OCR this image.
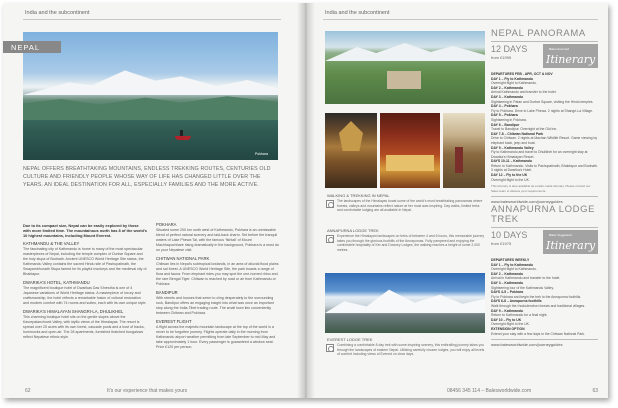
India and the subcontinent
Pokhara
NEPAL
NEPAL OFFERS BREATHTAKING MOUNTAINS, ENDLESS TREKKING ROUTES, CENTURIES OLD CULTURE AND FRIENDLY PEOPLE WHOSE WAY OF LIFE HAS CHANGED LITTLE OVER THE YEARS. AN IDEAL DESTINATION FOR ALL, ESPECIALLY FAMILIES AND THE MORE ACTIVE.

Due to its compact size, Nepal can be easily explored by those with more limited time. The mountainous north has 8 of the world's 10 highest mountains, including Mount Everest.

KATHMANDU & THE VALLEY

The fascinating city of Kathmandu is home to many of the most spectacular masterpieces of Nepal, including the temple complex of Durbar Square and the holy stupa of Bodnath. Ancient UNESCO World Heritage Site status, the Kathmandu Valley contains the sacred Hindu site of Pashupatinath, the Swayambhunath Stupa famed for its playful monkeys and the medieval city of Bhaktapur.

DWARIKA'S HOTEL, KATHMANDU

The magnificent boutique hotel of Dwarikas Das Shrestha is one of 4 Japanese variations of World Heritage status. A masterpiece of luxury and craftsmanship, the hotel reflects a remarkable fusion of cultural restoration and modern comfort with 74 rooms and suites, each with its own unique style.

DWARIKA'S HIMALAYAN SHANGRI-LA, DHULIKHEL

This charming boutique hotel sits on the gentle slopes above the Kavrepalanchowk Valley, with idyllic views of the Himalayas. The resort is spread over 25 acres with its own forest, cascade pools and a host of tracks, hummocks and open-air. The 28 apartments, furnished thatched bungalows reflect Nepalese ethnic style.

POKHARA

Situated some 200 km north west of Kathmandu, Pokhara is an unmissable blend of perfect natural scenery and laid-back charm. Set before the tranquil waters of Lake Phewa Tal, with the famous 'fishtail' of Mount Machhapuchhare rising dramatically in the background, Pokhara is a must do on your Nepalese visit.

CHITWAN NATIONAL PARK

Chitwan lies in Nepal's subtropical lowlands, in an area of alluvial flood plains and sal forest. A UNESCO World Heritage Site, the park boasts a range of flora and fauna. From elephant rides you may spot the one-horned rhino and the rare Bengal Tiger. Chitwan is reached by road or air from Kathmandu or Pokhara.

BANDIPUR

With streets and houses that seem to cling desperately to the surrounding rock, Bandipur offers an engaging insight into what was once an important stop along the India-Tibet trading route. The small town lies conveniently between Chitwan and Pokhara.

EVEREST FLIGHT

A flight across the majestic mountain landscape at the top of the world is a never to be forgotten journey. Flights operate daily in the morning from Kathmandu airport weather permitting from late September to mid May and take approximately 1 hour. Every passenger is guaranteed a window seat. Price £120 per person.

62	It's our experience that makes yours
India and the subcontinent
WALKING & TREKKING IN NEPAL
The landscapes of the Himalayas boast some of the world's most breathtaking panoramas where forests, valleys and mountains reflect nature at her most awe-inspiring. Day walks, limited treks and comfortable lodging are all available in Nepal.
ANNAPURNA LODGE TREK
Experience the Himalayan landscapes on treks of between 4 and 6 hours, this memorable journey takes you through the glorious foothills of the Annapurnas. Fully pampered and enjoying the comfortable hospitality of Ker and Downey Lodges, the walking reaches a height of some 2,000 metres.
EVEREST LODGE TREK
Combining a comfortable 8 day trek with some inspiring scenery, this enthralling journey takes you through the landscapes of eastern Nepal. Utilising carefully chosen lodges, you will enjoy all levels of comfort including views of Everest on clear days.
NEPAL PANORAMA
12 DAYS
from £1995
Bales Escorted
Itinerary
DEPARTURES FEB - APR, OCT & NOV
DAY 1 – Fly to Kathmandu
Overnight flight to Kathmandu.
DAY 2 – Kathmandu
Arrival Kathmandu and transfer to the hotel.
DAY 3 – Kathmandu
Sightseeing in Patan and Durbar Square, visiting the Hindu temples.
DAY 4 – Pokhara
Fly to Pokhara. Drive to Lake Phewa. 2 nights at Shangri-La Village.
DAY 5 – Pokhara
Sightseeing in Pokhara.
DAY 6 – Bandipur
Travel to Bandipur. Overnight at the Old Inn.
DAY 7-8 – Chitwan National Park
Drive to Chitwan. 2 nights at Machan Wildlife Resort. Game viewing by elephant back, jeep and boat.
DAY 9 – Kathmandu Valley
Fly to Kathmandu and travel to Dhulikhel for an overnight stay at Dwarika's Himalayan Resort.
DAYS 10-11 – Kathmandu
Return to Kathmandu. Visits to Pashupatinath, Bhaktapur and Bodnath. 3 nights at Dwarika's Hotel.
DAY 12 – Fly to the UK
Overnight flight to the UK.
This itinerary is also available as a tailor-made itinerary. Please contact our Sales team to discuss your requirements.
www.balesworldwide.com/journeyguides
ANNAPURNA LODGE TREK
10 DAYS
from £1975
Bales Suggestion
Itinerary
DEPARTURES WEEKLY
DAY 1 – Fly to Kathmandu
Overnight flight to Kathmandu.
DAY 2 – Kathmandu
Arrival in Kathmandu and transfer to the hotel.
DAY 3 – Kathmandu
Sightseeing tour of the Kathmandu Valley.
DAYS 4-5 – Pokhara
Fly to Pokhara and begin the trek to the Annapurna foothills.
DAYS 6-8 – Annapurna foothills
Walk through the rhododendron forests and traditional villages.
DAY 9 – Kathmandu
Return to Kathmandu for a final night.
DAY 10 – Fly to UK
Overnight flight to the UK.
EXTENSION OPTION
Extend your stay with a few days in the Chitwan National Park.
www.balesworldwide.com/journeyguides
08456 345 114 – Balesworldwide.com	63
